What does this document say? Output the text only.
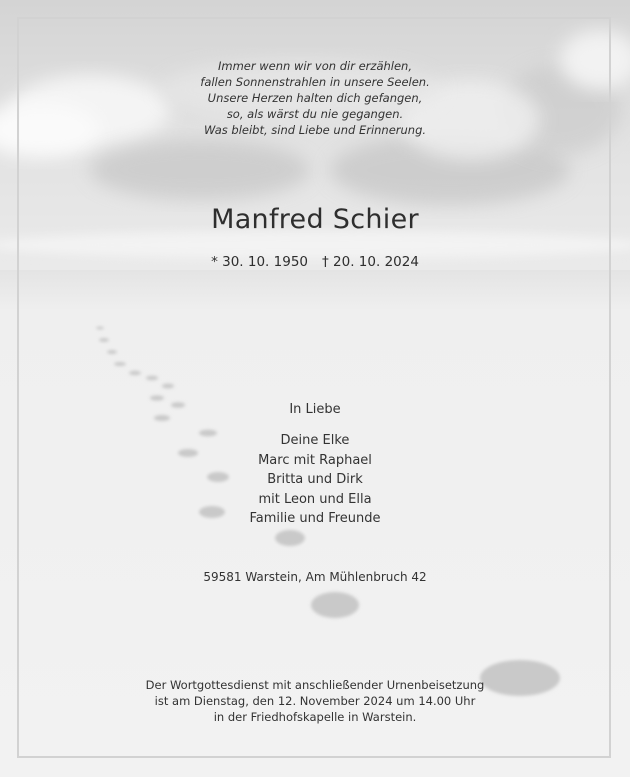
Immer wenn wir von dir erzählen,
fallen Sonnenstrahlen in unsere Seelen.
Unsere Herzen halten dich gefangen,
so, als wärst du nie gegangen.
Was bleibt, sind Liebe und Erinnerung.
Manfred Schier
* 30. 10. 1950 † 20. 10. 2024
In Liebe
Deine Elke
Marc mit Raphael
Britta und Dirk
mit Leon und Ella
Familie und Freunde
59581 Warstein, Am Mühlenbruch 42
Der Wortgottesdienst mit anschließender Urnenbeisetzung
ist am Dienstag, den 12. November 2024 um 14.00 Uhr
in der Friedhofskapelle in Warstein.
